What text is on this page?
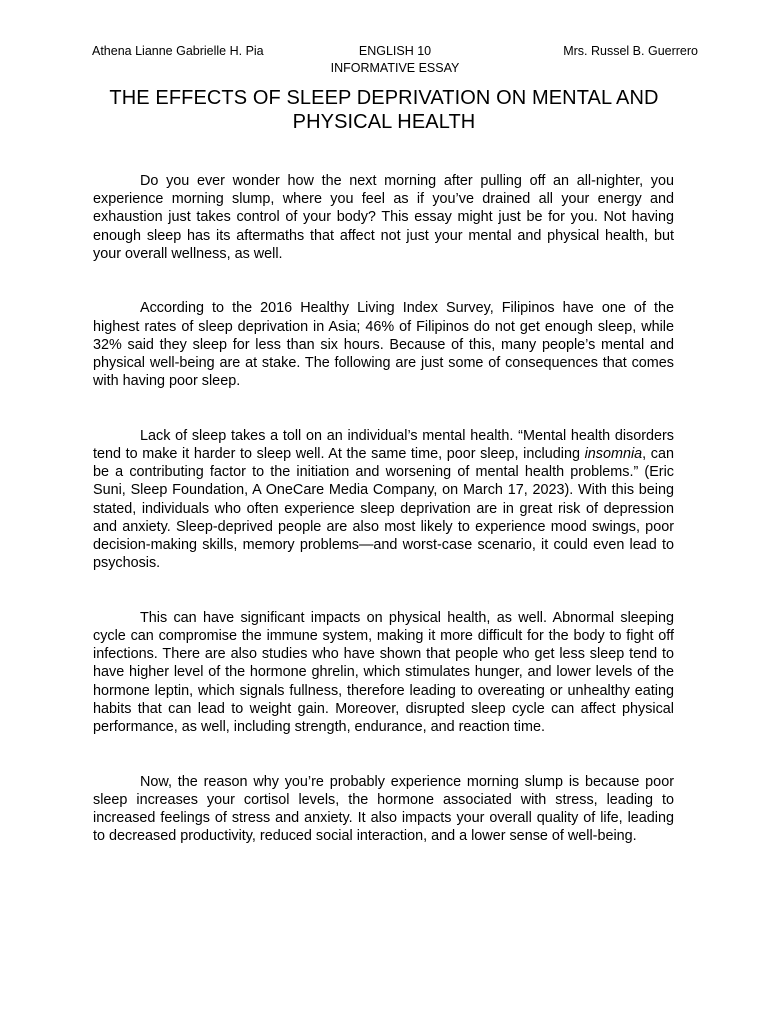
Athena Lianne Gabrielle H. Pia	ENGLISH 10
INFORMATIVE ESSAY
Mrs. Russel B. Guerrero
THE EFFECTS OF SLEEP DEPRIVATION ON MENTAL AND PHYSICAL HEALTH

Do you ever wonder how the next morning after pulling off an all-nighter, you experience morning slump, where you feel as if you’ve drained all your energy and exhaustion just takes control of your body? This essay might just be for you. Not having enough sleep has its aftermaths that affect not just your mental and physical health, but your overall wellness, as well.

According to the 2016 Healthy Living Index Survey, Filipinos have one of the highest rates of sleep deprivation in Asia; 46% of Filipinos do not get enough sleep, while 32% said they sleep for less than six hours. Because of this, many people’s mental and physical well-being are at stake. The following are just some of consequences that comes with having poor sleep.

Lack of sleep takes a toll on an individual’s mental health. “Mental health disorders tend to make it harder to sleep well. At the same time, poor sleep, including insomnia, can be a contributing factor to the initiation and worsening of mental health problems.” (Eric Suni, Sleep Foundation, A OneCare Media Company, on March 17, 2023). With this being stated, individuals who often experience sleep deprivation are in great risk of depression and anxiety. Sleep-deprived people are also most likely to experience mood swings, poor decision-making skills, memory problems—and worst-case scenario, it could even lead to psychosis.

This can have significant impacts on physical health, as well. Abnormal sleeping cycle can compromise the immune system, making it more difficult for the body to fight off infections. There are also studies who have shown that people who get less sleep tend to have higher level of the hormone ghrelin, which stimulates hunger, and lower levels of the hormone leptin, which signals fullness, therefore leading to overeating or unhealthy eating habits that can lead to weight gain. Moreover, disrupted sleep cycle can affect physical performance, as well, including strength, endurance, and reaction time.

Now, the reason why you’re probably experience morning slump is because poor sleep increases your cortisol levels, the hormone associated with stress, leading to increased feelings of stress and anxiety. It also impacts your overall quality of life, leading to decreased productivity, reduced social interaction, and a lower sense of well-being.
